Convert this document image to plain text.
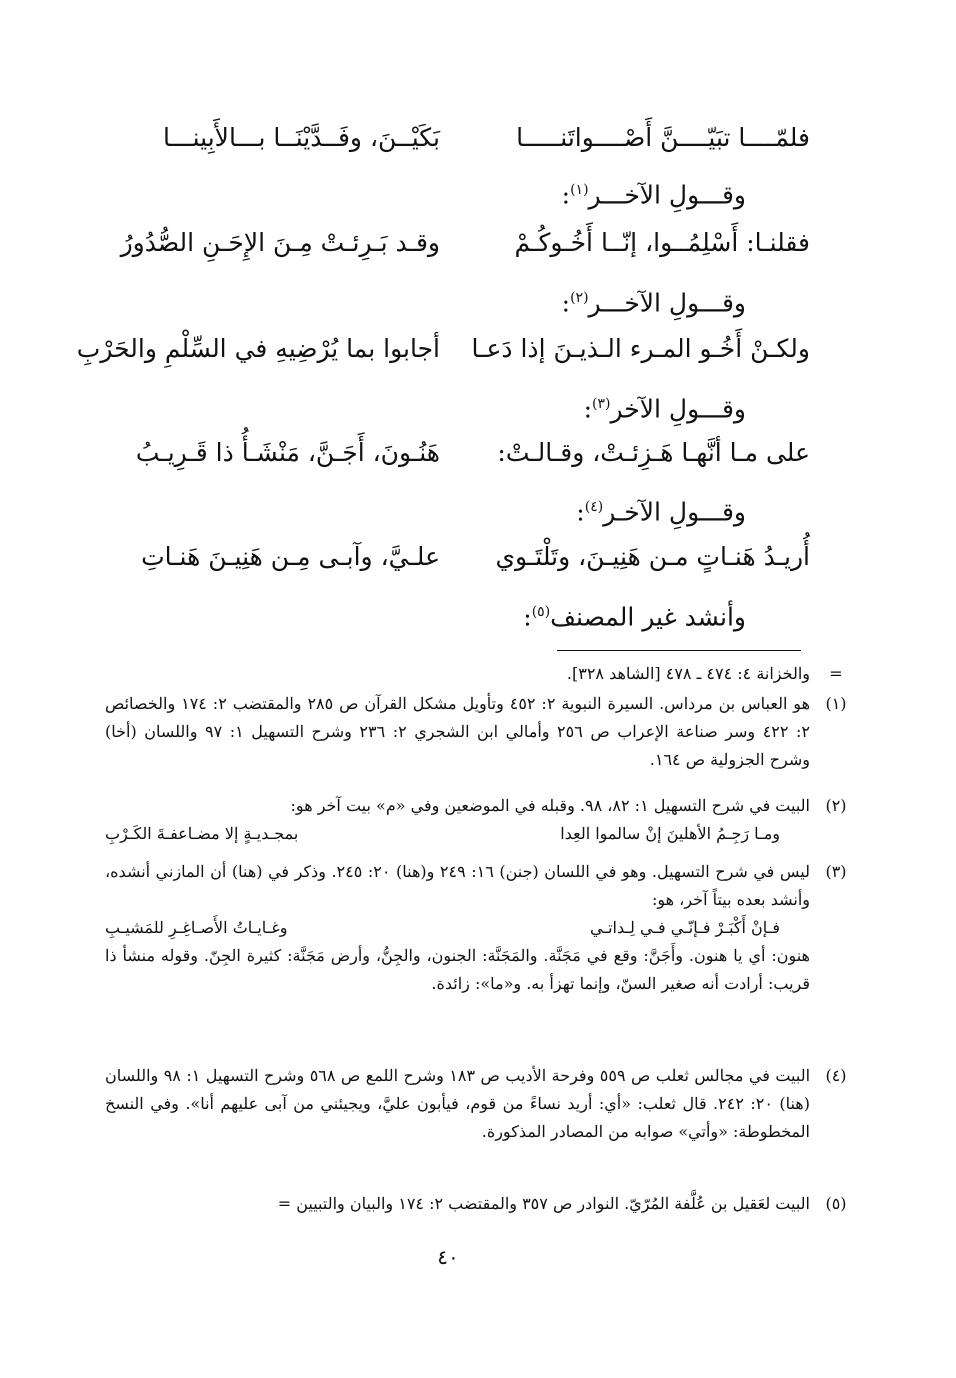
فلمّــــا تبَيّــــنَّ أَصْــــواتَنـــــا
بَكَيْــنَ، وفَــدَّيْنَــا بـــالأَبِينـــا
وقـــولِ الآخـــر$^{(١)}$:
فقلنـا: أَسْلِمُــوا، إنّــا أَخُـوكُـمْ
وقـد بَـرِئـتْ مِـنَ الإِحَـنِ الصُّدُورُ
وقـــولِ الآخـــر$^{(٢)}$:
ولكـنْ أَخُـو المـرء الـذيـنَ إذا دَعـا
أجابوا بما يُرْضِيهِ في السِّلْمِ والحَرْبِ
وقـــولِ الآخر$^{(٣)}$:
على مـا أنَّهـا هَـزِئـتْ، وقـالـتْ:
هَنُـونَ، أَجَـنَّ، مَنْشَـأُ ذا قَـرِيـبُ
وقـــولِ الآخـر$^{(٤)}$:
أُريـدُ هَنـاتٍ مـن هَنِيـنَ، وتَلْتَـوي
علـيَّ، وآبـى مِـن هَنِيـنَ هَنـاتِ
وأنشد غير المصنف$^{(٥)}$:
=
والخزانة ٤: ٤٧٤ ـ ٤٧٨ [الشاهد ٣٢٨].
(١)
هو العباس بن مرداس. السيرة النبوية ٢: ٤٥٢ وتأويل مشكل القرآن ص ٢٨٥ والمقتضب ٢: ١٧٤ والخصائص ٢: ٤٢٢ وسر صناعة الإعراب ص ٢٥٦ وأمالي ابن الشجري ٢: ٢٣٦ وشرح التسهيل ١: ٩٧ واللسان (أخا) وشرح الجزولية ص ١٦٤.
(٢)
البيت في شرح التسهيل ١: ٨٢، ٩٨. وقبله في الموضعين وفي «م» بيت آخر هو:
ومـا رَجِـمُ الأهلينَ إنْ سالموا العِدا
بمجـديـةٍ إلا مضـاعفـةَ الكَـرْبِ
(٣)
ليس في شرح التسهيل. وهو في اللسان (جنن) ١٦: ٢٤٩ و(هنا) ٢٠: ٢٤٥. وذكر في (هنا) أن المازني أنشده، وأنشد بعده بيتاً آخر، هو:
فـإنْ أَكْبَـرْ فـإنّـي فـي لِـداتـي
وغـايـاتُ الأَصـاغِـرِ للمَشيـبِ
هنون: أي يا هنون. وأَجَنَّ: وقع في مَجَنَّة. والمَجَنَّة: الجنون، والجِنُّ، وأرض مَجَنَّة: كثيرة الجِنّ. وقوله منشأ ذا قريب: أرادت أنه صغير السنّ، وإنما تهزأ به. و«ما»: زائدة.
(٤)
البيت في مجالس ثعلب ص ٥٥٩ وفرحة الأديب ص ١٨٣ وشرح اللمع ص ٥٦٨ وشرح التسهيل ١: ٩٨ واللسان (هنا) ٢٠: ٢٤٢. قال ثعلب: «أي: أريد نساءً من قوم، فيأبون عليَّ، ويجيئني من آبى عليهم أنا». وفي النسخ المخطوطة: «وأتي» صوابه من المصادر المذكورة.
(٥)
البيت لعَقيل بن عُلَّفة المُرّيّ. النوادر ص ٣٥٧ والمقتضب ٢: ١٧٤ والبيان والتبيين =
٤٠
